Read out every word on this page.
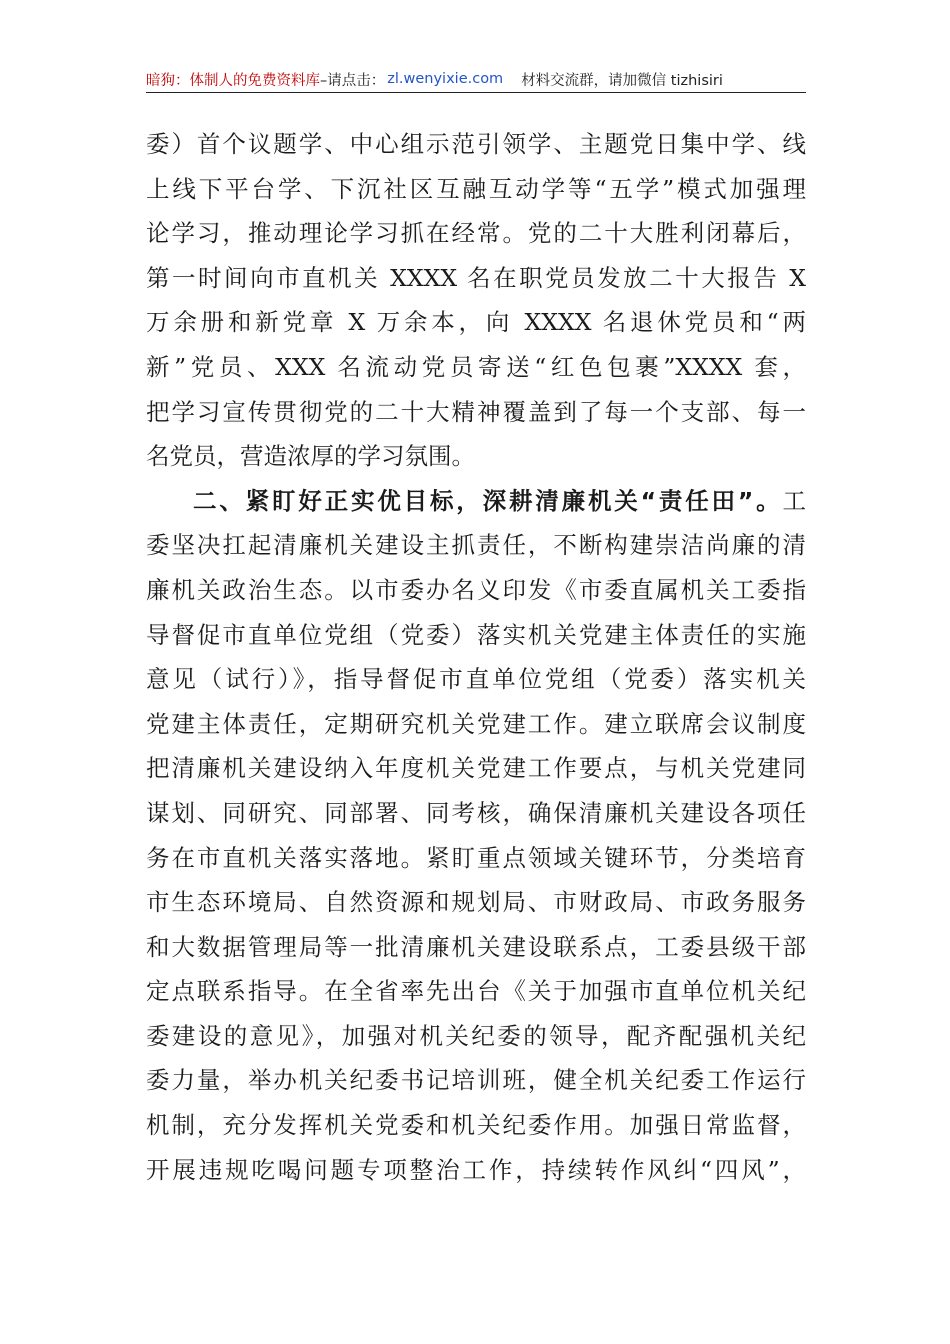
暗狗：体制人的免费资料库 –请点击： zl.wenyixie.com 材料交流群，请加微信 tizhisiri
委）首个议题学、中心组示范引领学、主题党日集中学、线
上线下平台学、下沉社区互融互动学等“五学”模式加强理
论学习，推动理论学习抓在经常。党的二十大胜利闭幕后，
第一时间向市直机关 XXXX 名在职党员发放二十大报告 X
万余册和新党章 X 万余本，向 XXXX 名退休党员和“两
新”党员、XXX 名流动党员寄送“红色包裹”XXXX 套，
把学习宣传贯彻党的二十大精神覆盖到了每一个支部、每一
名党员，营造浓厚的学习氛围。
二、紧盯好正实优目标，深耕清廉机关“责任田”。工
委坚决扛起清廉机关建设主抓责任，不断构建崇洁尚廉的清
廉机关政治生态。以市委办名义印发《市委直属机关工委指
导督促市直单位党组（党委）落实机关党建主体责任的实施
意见（试行）》，指导督促市直单位党组（党委）落实机关
党建主体责任，定期研究机关党建工作。建立联席会议制度
把清廉机关建设纳入年度机关党建工作要点，与机关党建同
谋划、同研究、同部署、同考核，确保清廉机关建设各项任
务在市直机关落实落地。紧盯重点领域关键环节，分类培育
市生态环境局、自然资源和规划局、市财政局、市政务服务
和大数据管理局等一批清廉机关建设联系点，工委县级干部
定点联系指导。在全省率先出台《关于加强市直单位机关纪
委建设的意见》，加强对机关纪委的领导，配齐配强机关纪
委力量，举办机关纪委书记培训班，健全机关纪委工作运行
机制，充分发挥机关党委和机关纪委作用。加强日常监督，
开展违规吃喝问题专项整治工作，持续转作风纠“四风”，
